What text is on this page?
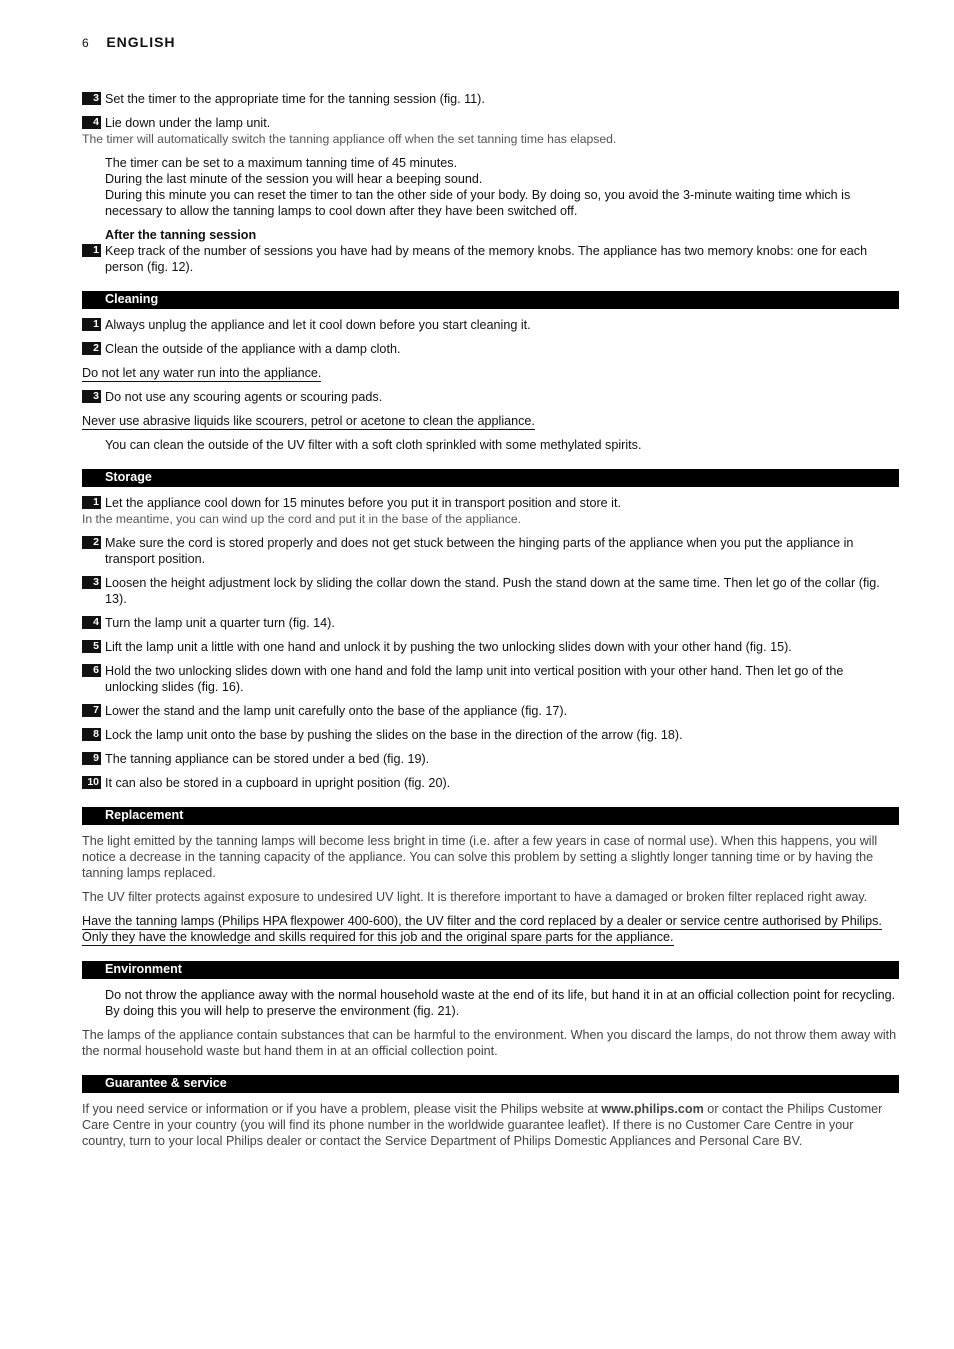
6 ENGLISH
3 Set the timer to the appropriate time for the tanning session (fig. 11).
4 Lie down under the lamp unit.
The timer will automatically switch the tanning appliance off when the set tanning time has elapsed.
The timer can be set to a maximum tanning time of 45 minutes.
During the last minute of the session you will hear a beeping sound.
During this minute you can reset the timer to tan the other side of your body. By doing so, you avoid the 3-minute waiting time which is necessary to allow the tanning lamps to cool down after they have been switched off.
After the tanning session
1 Keep track of the number of sessions you have had by means of the memory knobs. The appliance has two memory knobs: one for each person (fig. 12).
Cleaning
1 Always unplug the appliance and let it cool down before you start cleaning it.
2 Clean the outside of the appliance with a damp cloth.
Do not let any water run into the appliance.
3 Do not use any scouring agents or scouring pads.
Never use abrasive liquids like scourers, petrol or acetone to clean the appliance.
You can clean the outside of the UV filter with a soft cloth sprinkled with some methylated spirits.
Storage
1 Let the appliance cool down for 15 minutes before you put it in transport position and store it.
In the meantime, you can wind up the cord and put it in the base of the appliance.
2 Make sure the cord is stored properly and does not get stuck between the hinging parts of the appliance when you put the appliance in transport position.
3 Loosen the height adjustment lock by sliding the collar down the stand. Push the stand down at the same time. Then let go of the collar (fig. 13).
4 Turn the lamp unit a quarter turn (fig. 14).
5 Lift the lamp unit a little with one hand and unlock it by pushing the two unlocking slides down with your other hand (fig. 15).
6 Hold the two unlocking slides down with one hand and fold the lamp unit into vertical position with your other hand. Then let go of the unlocking slides (fig. 16).
7 Lower the stand and the lamp unit carefully onto the base of the appliance (fig. 17).
8 Lock the lamp unit onto the base by pushing the slides on the base in the direction of the arrow (fig. 18).
9 The tanning appliance can be stored under a bed (fig. 19).
10 It can also be stored in a cupboard in upright position (fig. 20).
Replacement
The light emitted by the tanning lamps will become less bright in time (i.e. after a few years in case of normal use). When this happens, you will notice a decrease in the tanning capacity of the appliance. You can solve this problem by setting a slightly longer tanning time or by having the tanning lamps replaced.
The UV filter protects against exposure to undesired UV light. It is therefore important to have a damaged or broken filter replaced right away.
Have the tanning lamps (Philips HPA flexpower 400-600), the UV filter and the cord replaced by a dealer or service centre authorised by Philips. Only they have the knowledge and skills required for this job and the original spare parts for the appliance.
Environment
Do not throw the appliance away with the normal household waste at the end of its life, but hand it in at an official collection point for recycling. By doing this you will help to preserve the environment (fig. 21).
The lamps of the appliance contain substances that can be harmful to the environment. When you discard the lamps, do not throw them away with the normal household waste but hand them in at an official collection point.
Guarantee & service
If you need service or information or if you have a problem, please visit the Philips website at www.philips.com or contact the Philips Customer Care Centre in your country (you will find its phone number in the worldwide guarantee leaflet). If there is no Customer Care Centre in your country, turn to your local Philips dealer or contact the Service Department of Philips Domestic Appliances and Personal Care BV.
